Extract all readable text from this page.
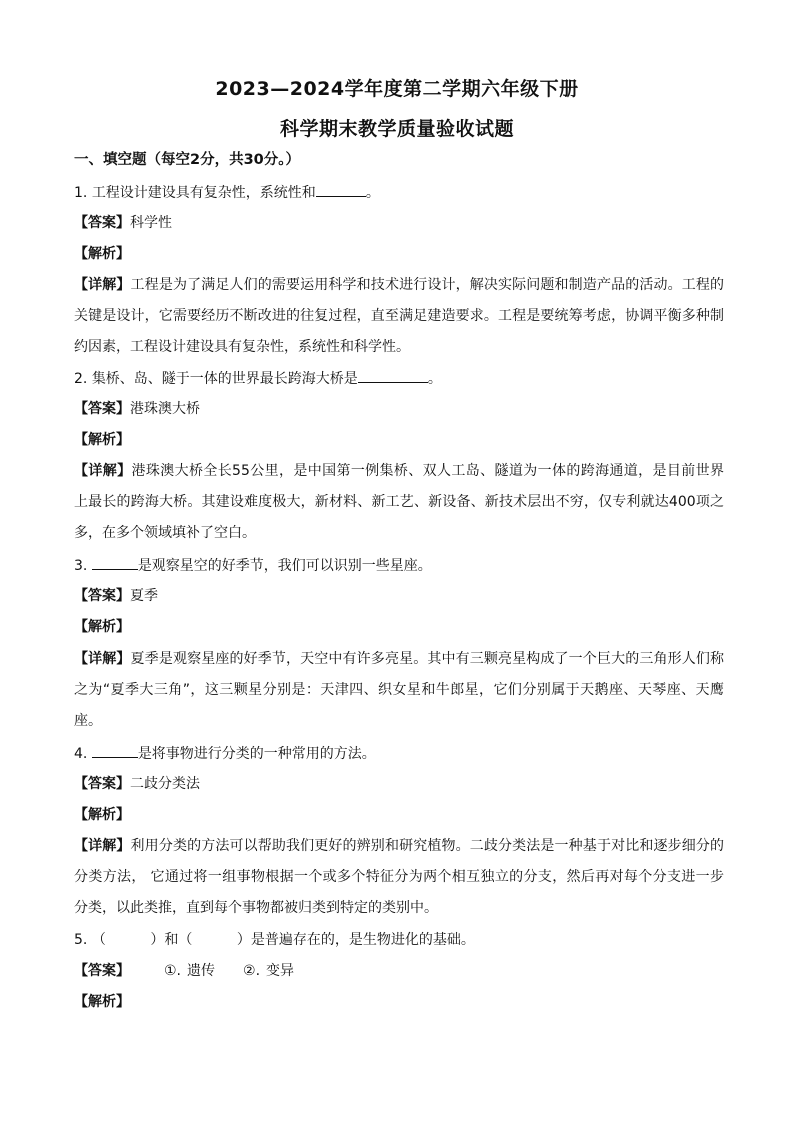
2023—2024学年度第二学期六年级下册
科学期末教学质量验收试题
一、填空题（每空2分，共30分。）
1. 工程设计建设具有复杂性，系统性和	。
【答案】科学性
【解析】
【详解】工程是为了满足人们的需要运用科学和技术进行设计，解决实际问题和制造产品的活动。工程的
关键是设计，它需要经历不断改进的往复过程，直至满足建造要求。工程是要统筹考虑，协调平衡多种制
约因素，工程设计建设具有复杂性，系统性和科学性。
2. 集桥、岛、隧于一体的世界最长跨海大桥是	。
【答案】港珠澳大桥
【解析】
【详解】港珠澳大桥全长55公里，是中国第一例集桥、双人工岛、隧道为一体的跨海通道，是目前世界
上最长的跨海大桥。其建设难度极大，新材料、新工艺、新设备、新技术层出不穷，仅专利就达400项之
多，在多个领域填补了空白。
3.	是观察星空的好季节，我们可以识别一些星座。
【答案】夏季
【解析】
【详解】夏季是观察星座的好季节，天空中有许多亮星。其中有三颗亮星构成了一个巨大的三角形人们称
之为“夏季大三角”，这三颗星分别是：天津四、织女星和牛郎星，它们分别属于天鹅座、天琴座、天鹰
座。
4.	是将事物进行分类的一种常用的方法。
【答案】二歧分类法
【解析】
【详解】利用分类的方法可以帮助我们更好的辨别和研究植物。二歧分类法是一种基于对比和逐步细分的
分类方法， 它通过将一组事物根据一个或多个特征分为两个相互独立的分支，然后再对每个分支进一步
分类，以此类推，直到每个事物都被归类到特定的类别中。
5. （          ）和（          ）是普遍存在的，是生物进化的基础。
【答案】 ①. 遗传 ②. 变异
【解析】
